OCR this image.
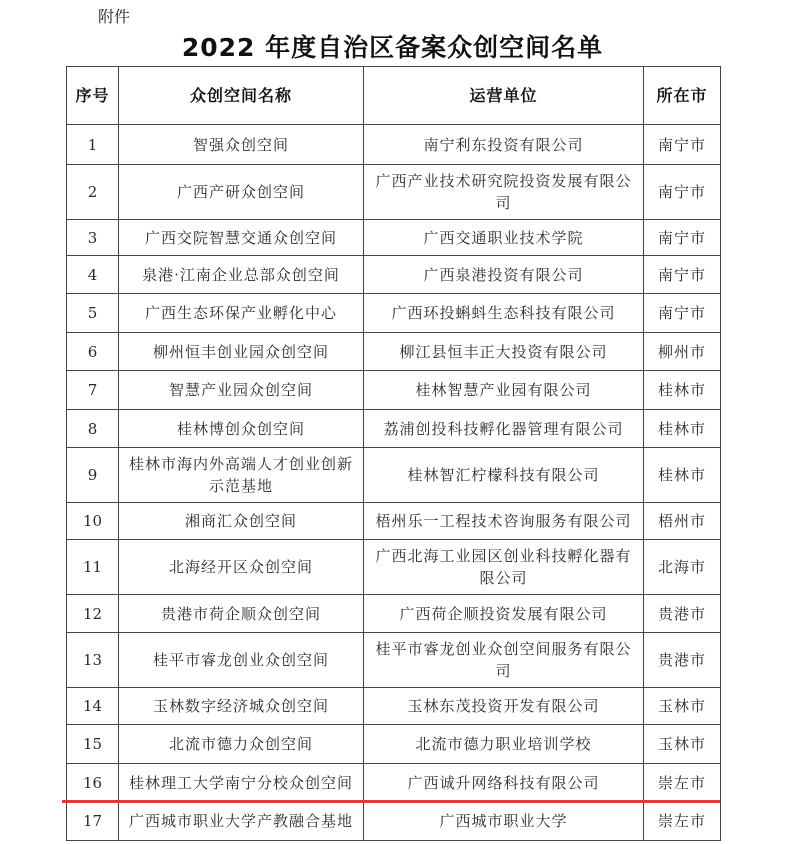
附件
2022 年度自治区备案众创空间名单
序号	众创空间名称	运营单位	所在市
1	智强众创空间	南宁利东投资有限公司	南宁市
2	广西产研众创空间	广西产业技术研究院投资发展有限公司	南宁市
3	广西交院智慧交通众创空间	广西交通职业技术学院	南宁市
4	泉港·江南企业总部众创空间	广西泉港投资有限公司	南宁市
5	广西生态环保产业孵化中心	广西环投蝌蚪生态科技有限公司	南宁市
6	柳州恒丰创业园众创空间	柳江县恒丰正大投资有限公司	柳州市
7	智慧产业园众创空间	桂林智慧产业园有限公司	桂林市
8	桂林博创众创空间	荔浦创投科技孵化器管理有限公司	桂林市
9	桂林市海内外高端人才创业创新示范基地	桂林智汇柠檬科技有限公司	桂林市
10	湘商汇众创空间	梧州乐一工程技术咨询服务有限公司	梧州市
11	北海经开区众创空间	广西北海工业园区创业科技孵化器有限公司	北海市
12	贵港市荷企顺众创空间	广西荷企顺投资发展有限公司	贵港市
13	桂平市睿龙创业众创空间	桂平市睿龙创业众创空间服务有限公司	贵港市
14	玉林数字经济城众创空间	玉林东茂投资开发有限公司	玉林市
15	北流市德力众创空间	北流市德力职业培训学校	玉林市
16	桂林理工大学南宁分校众创空间	广西诚升网络科技有限公司	崇左市
17	广西城市职业大学产教融合基地	广西城市职业大学	崇左市
